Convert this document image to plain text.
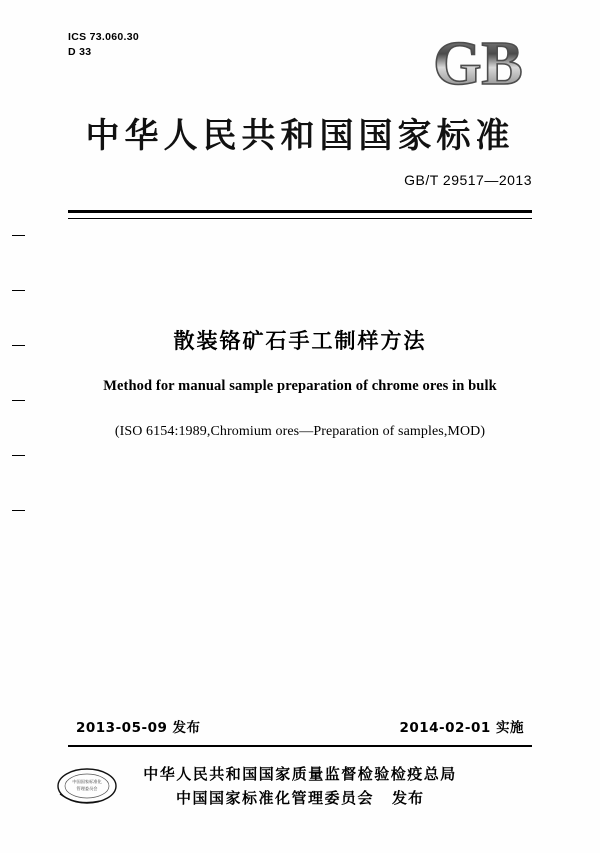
ICS 73.060.30
D 33	GB
中华人民共和国国家标准
GB/T 29517—2013
散装铬矿石手工制样方法
Method for manual sample preparation of chrome ores in bulk
(ISO 6154:1989,Chromium ores—Preparation of samples,MOD)
2013-05-09 发布	2014-02-01 实施
中国国家标准化
管理委员会
中华人民共和国国家质量监督检验检疫总局
中国国家标准化管理委员会 发布
